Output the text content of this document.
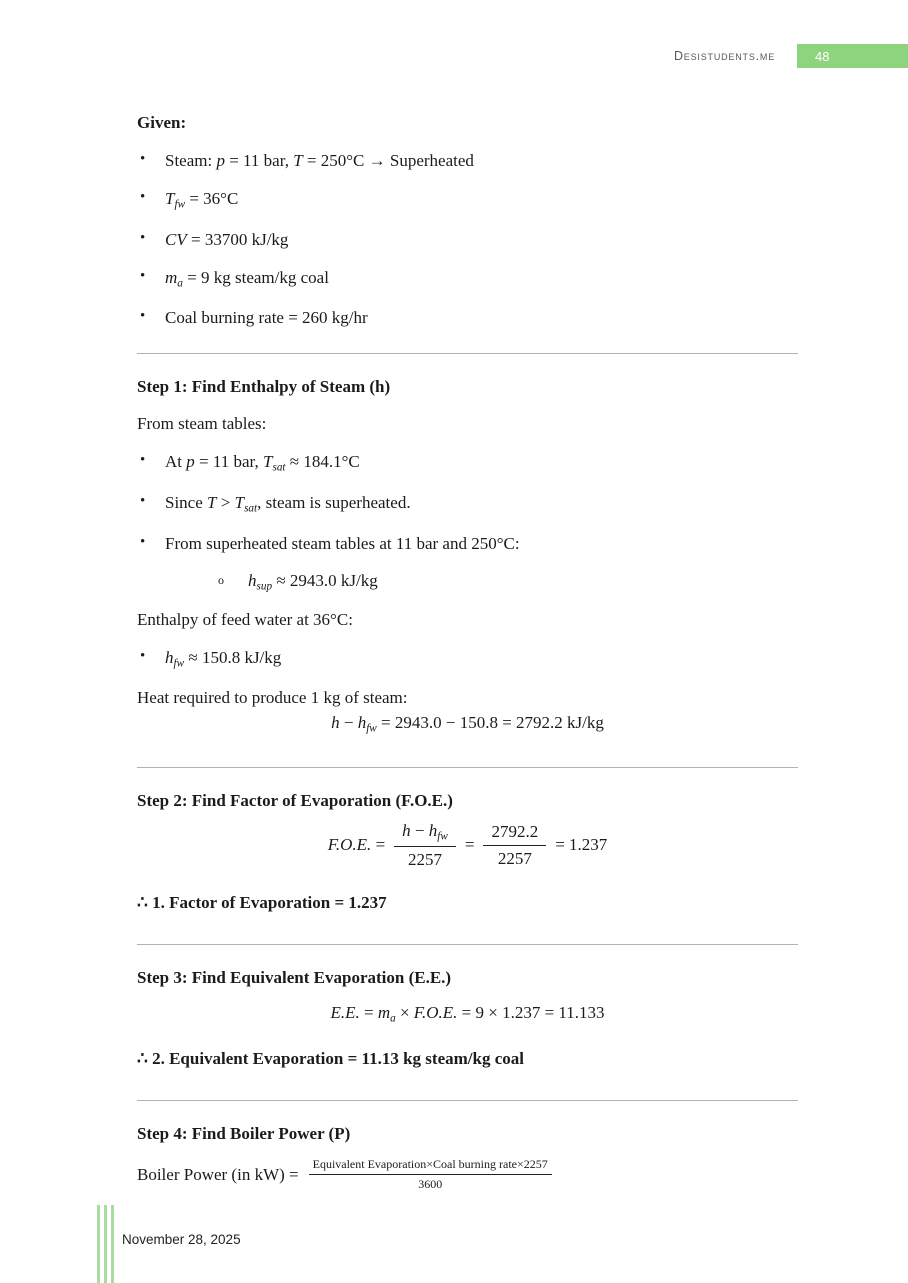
Desistudents.me	48
Given:
•	Steam: p = 11 bar, T = 250°C → Superheated
•	Tfw = 36°C
•	CV = 33700 kJ/kg
•	ma = 9 kg steam/kg coal
•	Coal burning rate = 260 kg/hr
Step 1: Find Enthalpy of Steam (h)
From steam tables:
•	At p = 11 bar, Tsat ≈ 184.1°C
•	Since T > Tsat, steam is superheated.
•	From superheated steam tables at 11 bar and 250°C:
o	hsup ≈ 2943.0 kJ/kg
Enthalpy of feed water at 36°C:
•	hfw ≈ 150.8 kJ/kg
Heat required to produce 1 kg of steam:
h − hfw = 2943.0 − 150.8 = 2792.2 kJ/kg
Step 2: Find Factor of Evaporation (F.O.E.)
F.O.E. = $\frac{\text{h − hfw}}{2257} = \frac{2792.2}{2257} = 1.237$
∴ 1. Factor of Evaporation = 1.237
Step 3: Find Equivalent Evaporation (E.E.)
E.E. = ma × F.O.E. = 9 × 1.237 = 11.133
∴ 2. Equivalent Evaporation = 11.13 kg steam/kg coal
Step 4: Find Boiler Power (P)
Boiler Power (in $kW) = \frac{\text{Equivalent Evaporation×Coal burning rate×2257}}{3600}$
November 28, 2025
